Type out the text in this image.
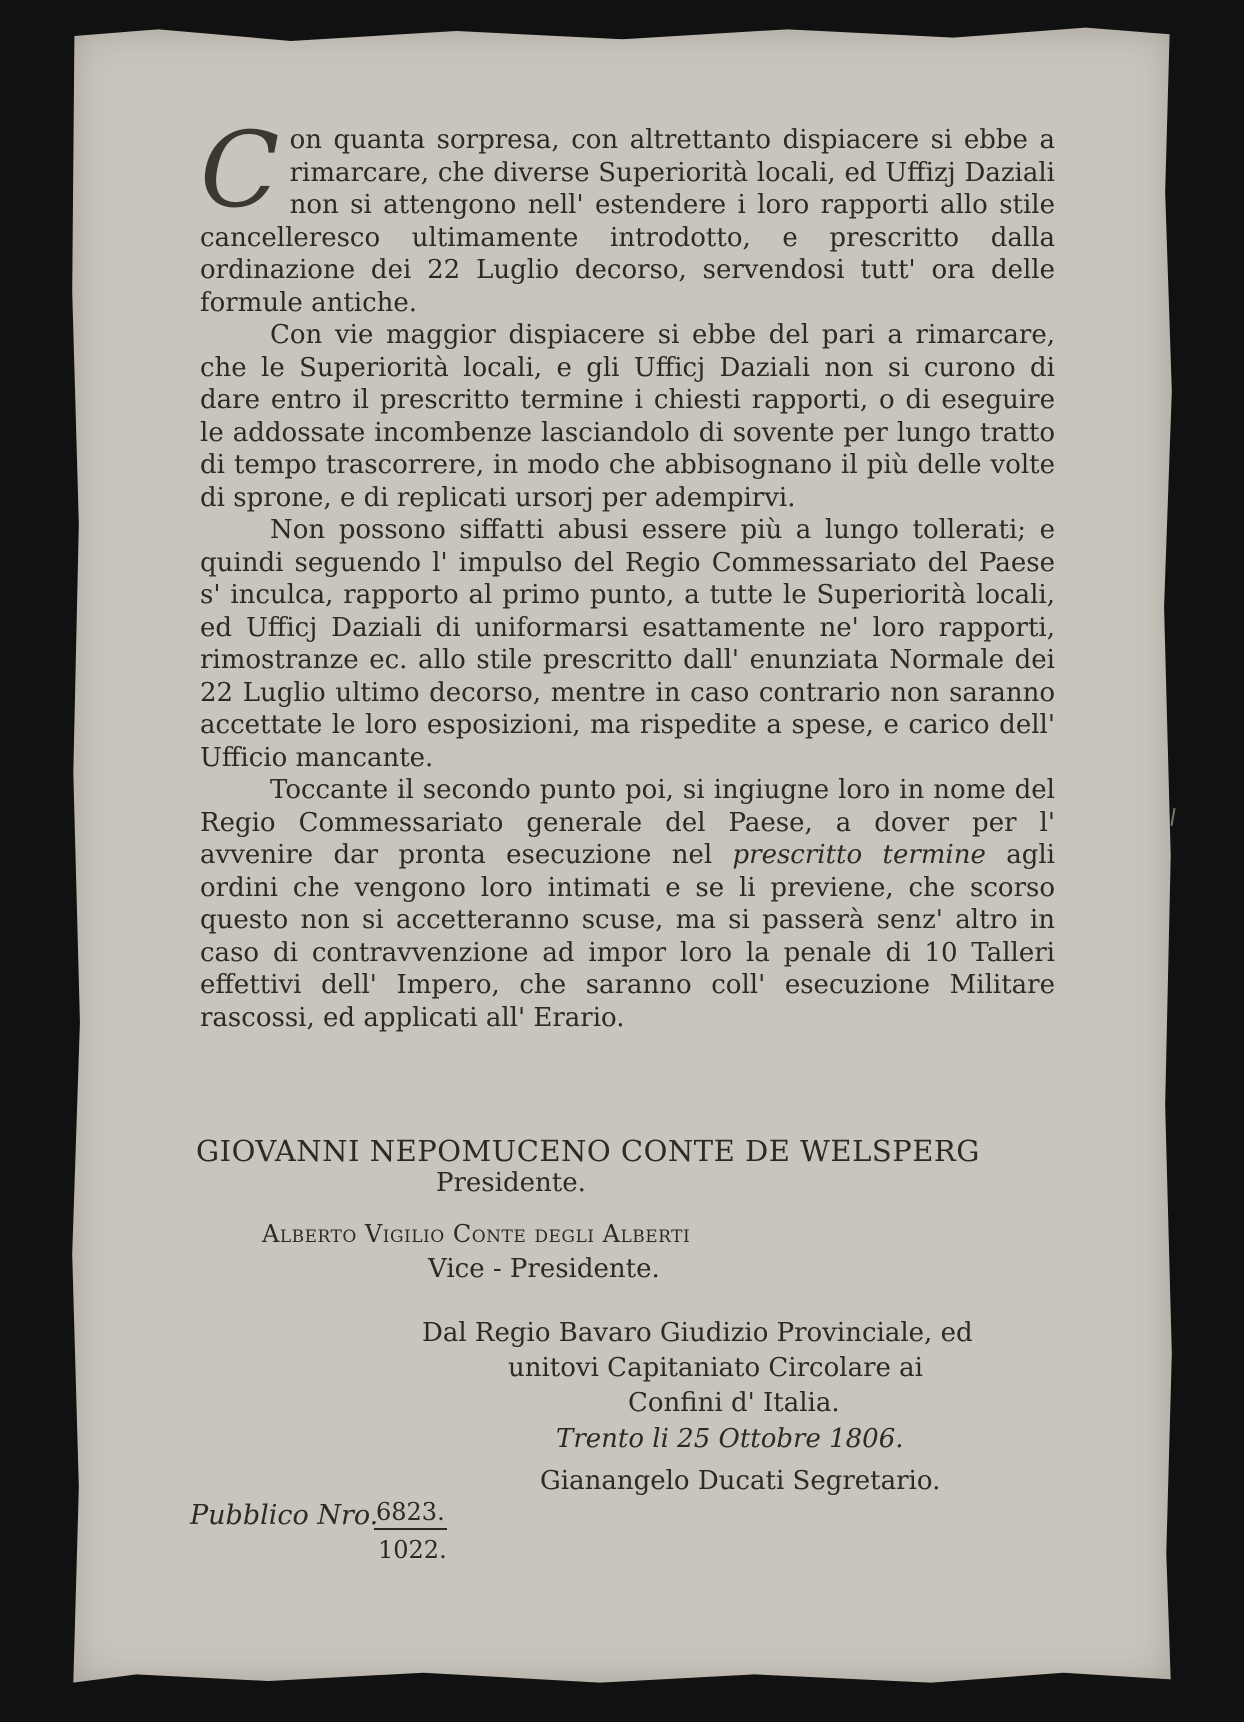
Con quanta sorpresa, con altrettanto dispiacere si ebbe a rimarcare, che diverse Superiorità locali, ed Uffizj Daziali non si attengono nell' estendere i loro rapporti allo stile cancelleresco ultimamente introdotto, e prescritto dalla ordinazione dei 22 Luglio decorso, servendosi tutt' ora delle formule antiche.

Con vie maggior dispiacere si ebbe del pari a rimarcare, che le Superiorità locali, e gli Ufficj Daziali non si curono di dare entro il prescritto termine i chiesti rapporti, o di eseguire le addossate incombenze lasciandolo di sovente per lungo tratto di tempo trascorrere, in modo che abbisognano il più delle volte di sprone, e di replicati ursorj per adempirvi.

Non possono siffatti abusi essere più a lungo tollerati; e quindi seguendo l' impulso del Regio Commessariato del Paese s' inculca, rapporto al primo punto, a tutte le Superiorità locali, ed Ufficj Daziali di uniformarsi esattamente ne' loro rapporti, rimostranze ec. allo stile prescritto dall' enunziata Normale dei 22 Luglio ultimo decorso, mentre in caso contrario non saranno accettate le loro esposizioni, ma rispedite a spese, e carico dell' Ufficio mancante.

Toccante il secondo punto poi, si ingiugne loro in nome del Regio Commessariato generale del Paese, a dover per l' avvenire dar pronta esecuzione nel prescritto termine agli ordini che vengono loro intimati e se li previene, che scorso questo non si accetteranno scuse, ma si passerà senz' altro in caso di contravvenzione ad impor loro la penale di 10 Talleri effettivi dell' Impero, che saranno coll' esecuzione Militare rascossi, ed applicati all' Erario.

GIOVANNI NEPOMUCENO CONTE DE WELSPERG
Presidente.
Alberto Vigilio Conte degli Alberti
Vice - Presidente.
Dal Regio Bavaro Giudizio Provinciale, ed
unitovi Capitaniato Circolare ai
Confini d' Italia.
Trento li 25 Ottobre 1806.
Gianangelo Ducati Segretario.
Pubblico Nro.
6823.
1022.
